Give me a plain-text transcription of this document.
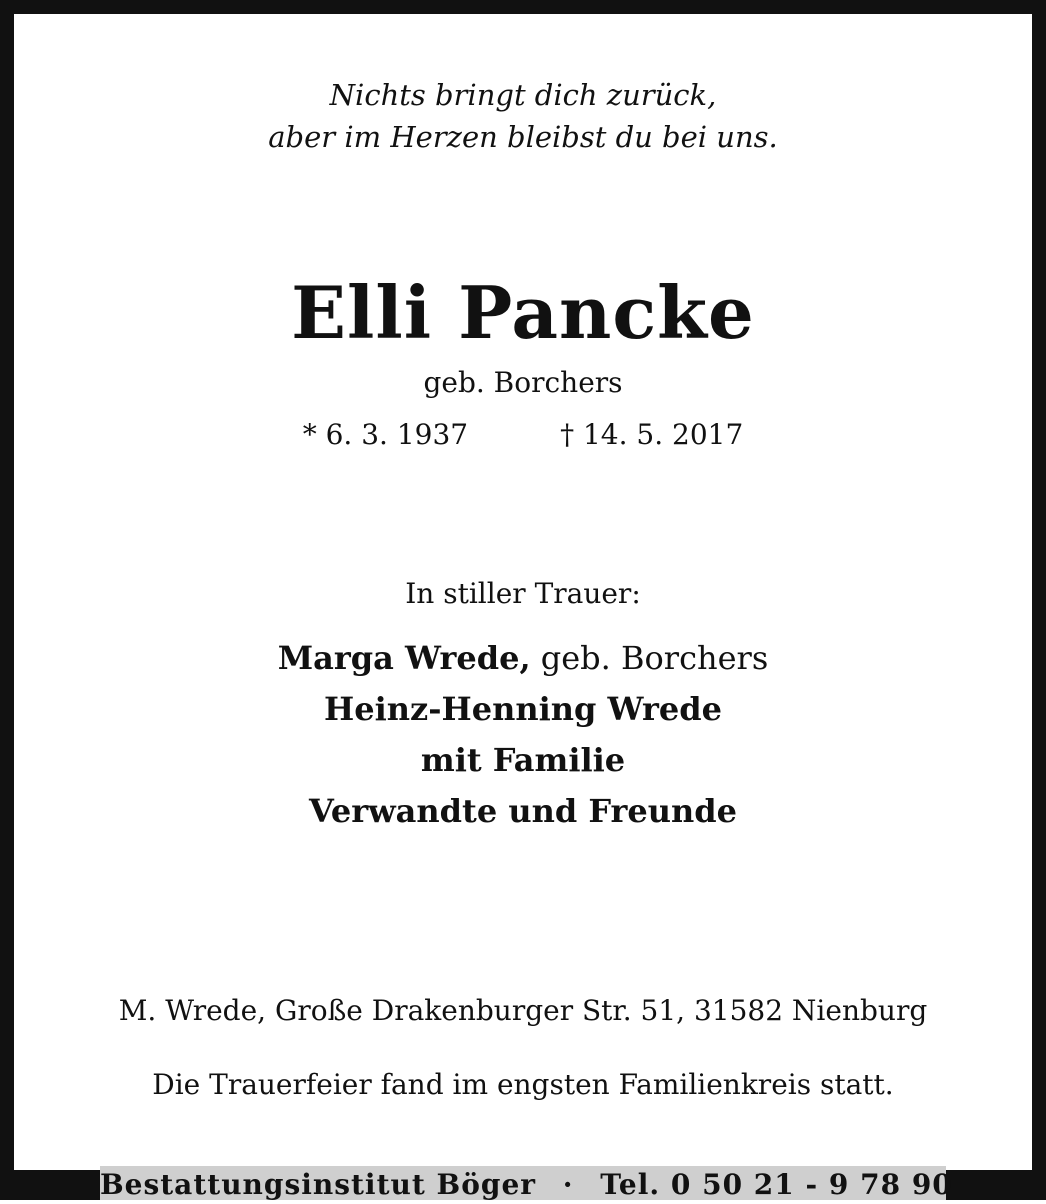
Nichts bringt dich zurück,
aber im Herzen bleibst du bei uns.
Elli Pancke
geb. Borchers
* 6. 3. 1937	† 14. 5. 2017
In stiller Trauer:
Marga Wrede, geb. Borchers
Heinz-Henning Wrede
mit Familie
Verwandte und Freunde
M. Wrede, Große Drakenburger Str. 51, 31582 Nienburg
Die Trauerfeier fand im engsten Familienkreis statt.
Bestattungsinstitut Böger · Tel. 0 50 21 - 9 78 90
